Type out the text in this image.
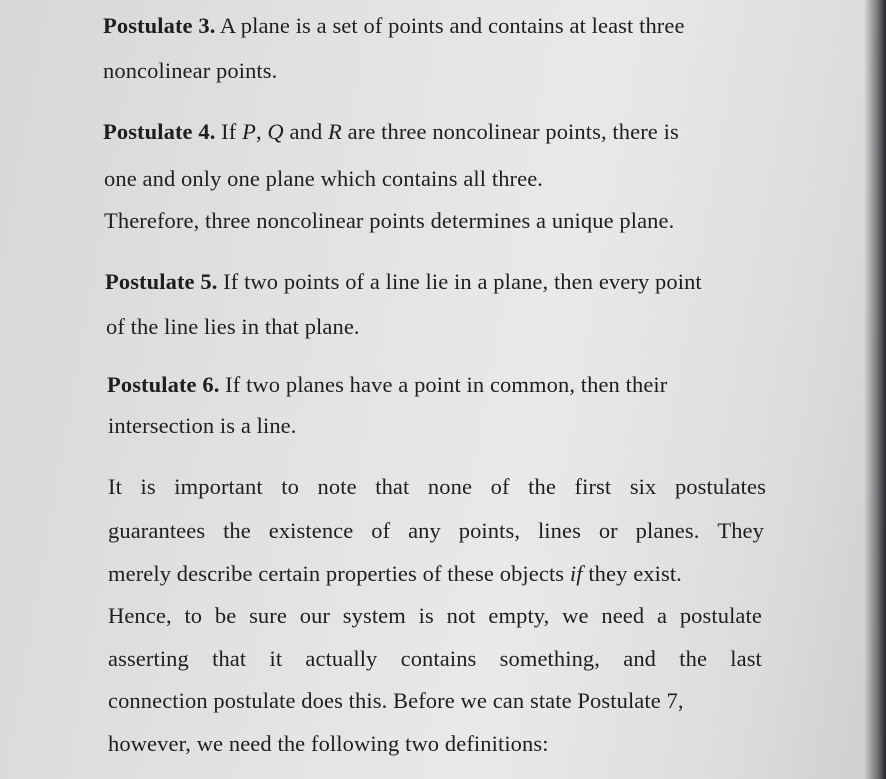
Postulate 3. A plane is a set of points and contains at least three
noncolinear points.
Postulate 4. If P, Q and R are three noncolinear points, there is
one and only one plane which contains all three.
Therefore, three noncolinear points determines a unique plane.
Postulate 5. If two points of a line lie in a plane, then every point
of the line lies in that plane.
Postulate 6. If two planes have a point in common, then their
intersection is a line.
It is important to note that none of the first six postulates
guarantees the existence of any points, lines or planes. They
merely describe certain properties of these objects if they exist.
Hence, to be sure our system is not empty, we need a postulate
asserting that it actually contains something, and the last
connection postulate does this. Before we can state Postulate 7,
however, we need the following two definitions:
